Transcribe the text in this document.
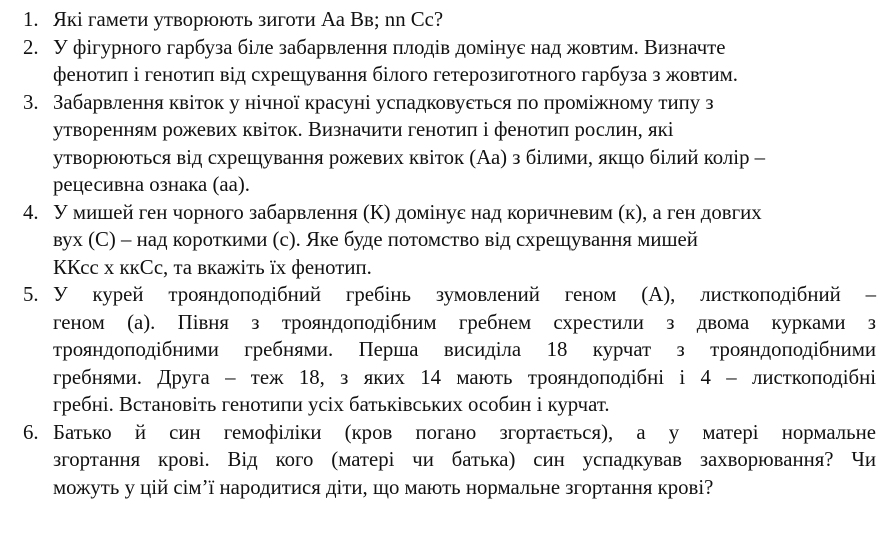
1. Які гамети утворюють зиготи Аа Вв; nn Cc?
2. У фігурного гарбуза біле забарвлення плодів домінує над жовтим. Визначте
фенотип і генотип від схрещування білого гетерозиготного гарбуза з жовтим.
3. Забарвлення квіток у нічної красуні успадковується по проміжному типу з
утворенням рожевих квіток. Визначити генотип і фенотип рослин, які
утворюються від схрещування рожевих квіток (Аа) з білими, якщо білий колір –
рецесивна ознака (аа).
4. У мишей ген чорного забарвлення (К) домінує над коричневим (к), а ген довгих
вух (С) – над короткими (с). Яке буде потомство від схрещування мишей
ККсс х ккСс, та вкажіть їх фенотип.
5. У курей трояндоподібний гребінь зумовлений геном (А), листкоподібний –
геном (а). Півня з трояндоподібним гребнем схрестили з двома курками з
трояндоподібними гребнями. Перша висиділа 18 курчат з трояндоподібними
гребнями. Друга – теж 18, з яких 14 мають трояндоподібні і 4 – листкоподібні
гребні. Встановіть генотипи усіх батьківських особин і курчат.
6. Батько й син гемофіліки (кров погано згортається), а у матері нормальне
згортання крові. Від кого (матері чи батька) син успадкував захворювання? Чи
можуть у цій сім’ї народитися діти, що мають нормальне згортання крові?
